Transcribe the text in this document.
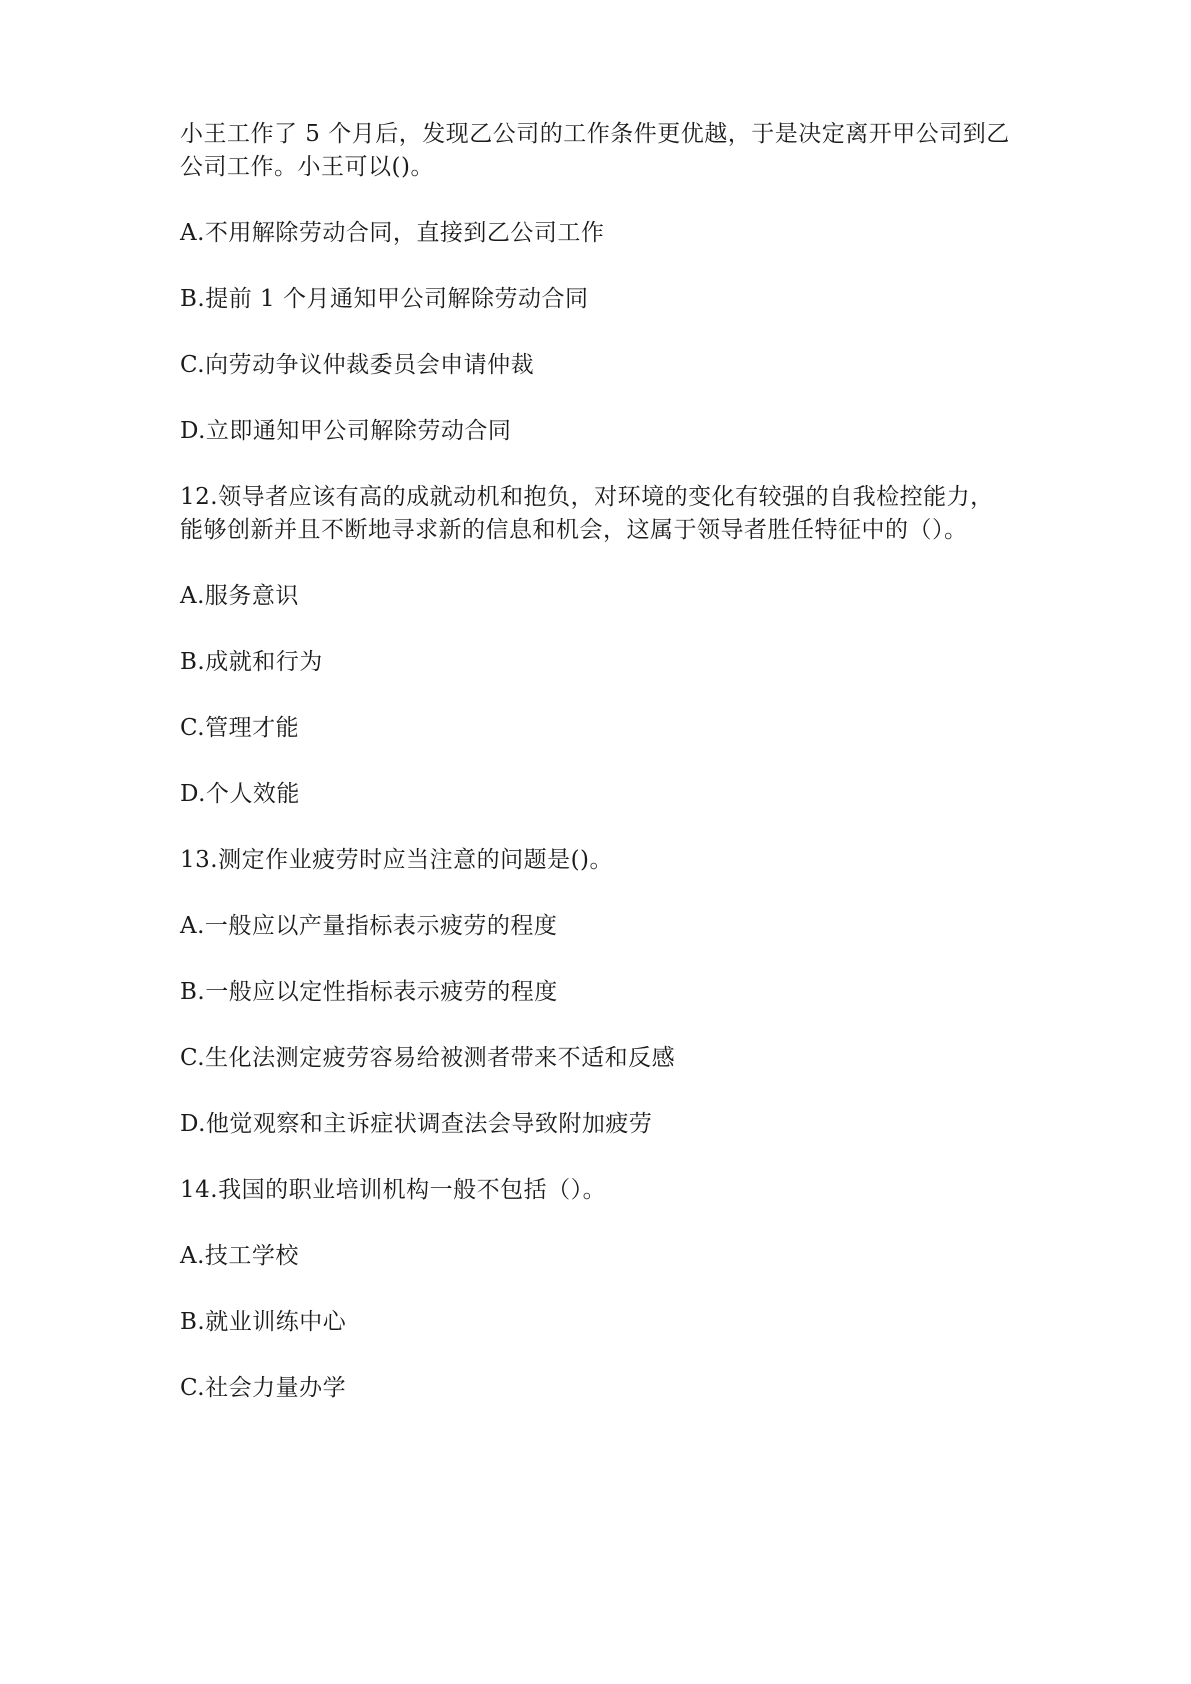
小王工作了 5 个月后，发现乙公司的工作条件更优越，于是决定离开甲公司到乙

公司工作。小王可以()。

A.不用解除劳动合同，直接到乙公司工作

B.提前 1 个月通知甲公司解除劳动合同

C.向劳动争议仲裁委员会申请仲裁

D.立即通知甲公司解除劳动合同

12.领导者应该有高的成就动机和抱负，对环境的变化有较强的自我检控能力，

能够创新并且不断地寻求新的信息和机会，这属于领导者胜任特征中的（）。

A.服务意识

B.成就和行为

C.管理才能

D.个人效能

13.测定作业疲劳时应当注意的问题是()。

A.一般应以产量指标表示疲劳的程度

B.一般应以定性指标表示疲劳的程度

C.生化法测定疲劳容易给被测者带来不适和反感

D.他觉观察和主诉症状调查法会导致附加疲劳

14.我国的职业培训机构一般不包括（）。

A.技工学校

B.就业训练中心

C.社会力量办学
